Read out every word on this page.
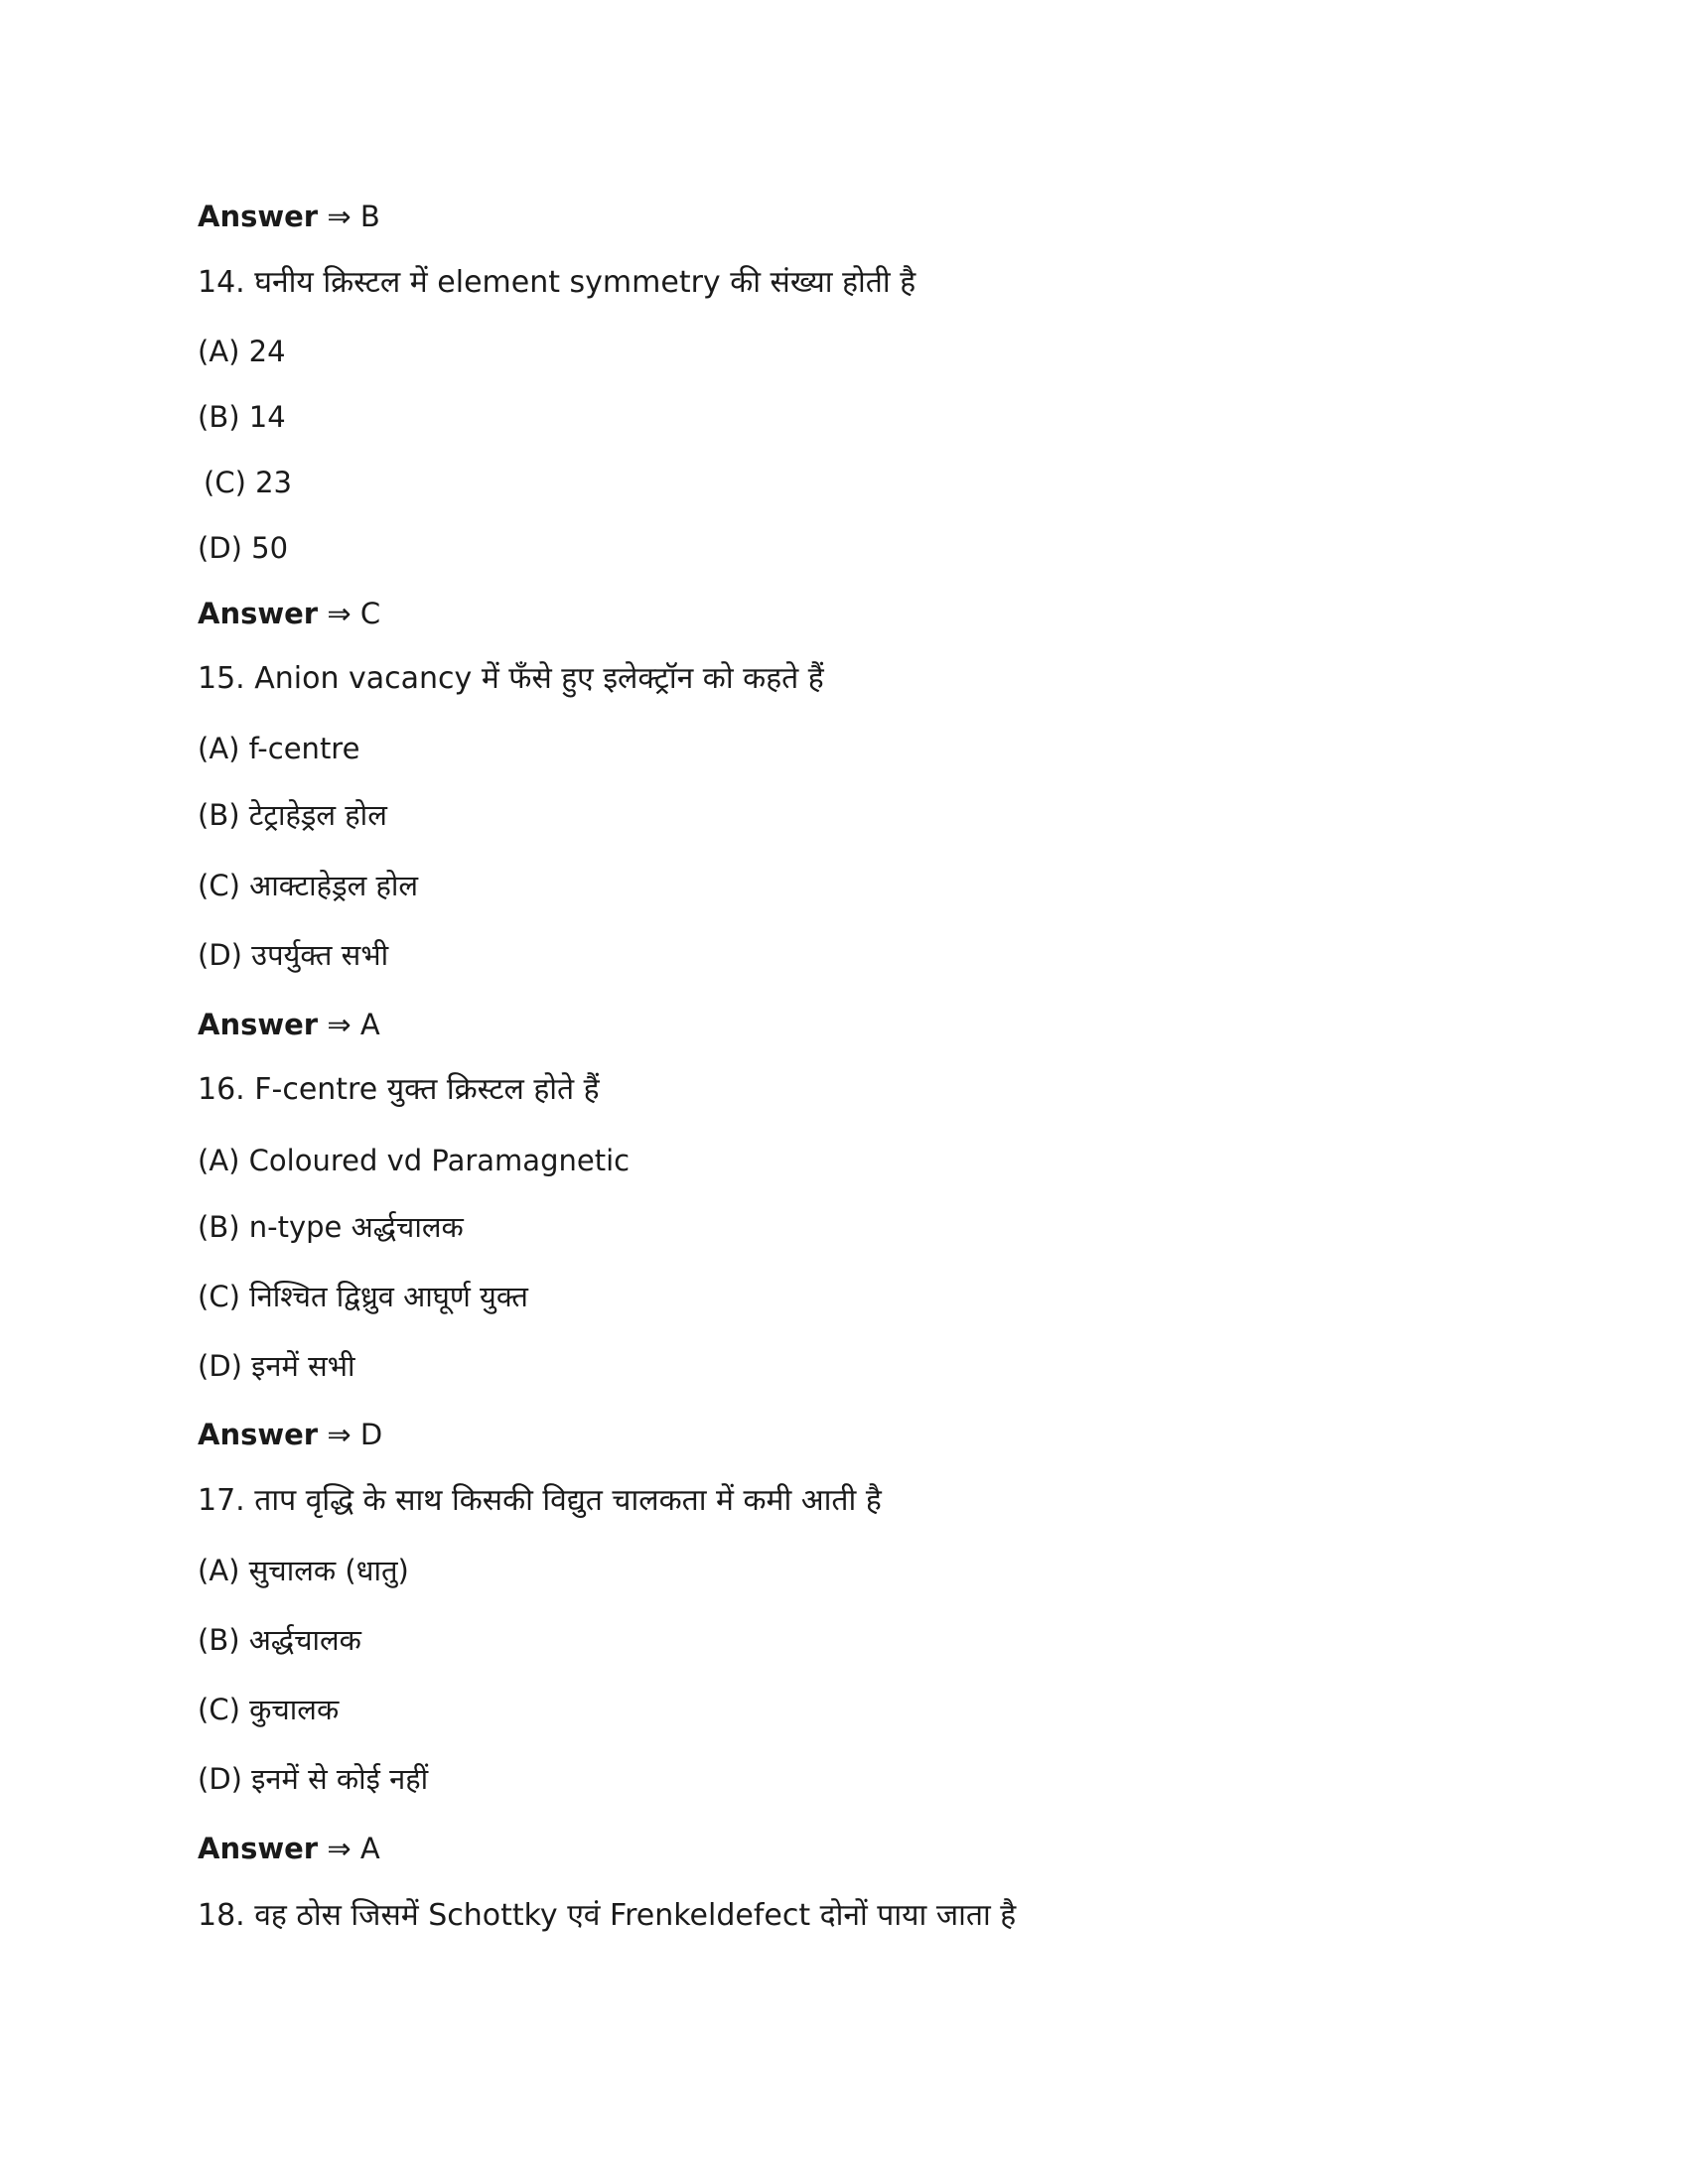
Answer ⇒ B
14. घनीय क्रिस्टल में element symmetry की संख्या होती है
(A) 24
(B) 14
(C) 23
(D) 50
Answer ⇒ C
15. Anion vacancy में फँसे हुए इलेक्ट्रॉन को कहते हैं
(A) f-centre
(B) टेट्राहेड्रल होल
(C) आक्टाहेड्रल होल
(D) उपर्युक्त सभी
Answer ⇒ A
16. F-centre युक्त क्रिस्टल होते हैं
(A) Coloured vd Paramagnetic
(B) n-type अर्द्धचालक
(C) निश्चित द्विध्रुव आघूर्ण युक्त
(D) इनमें सभी
Answer ⇒ D
17. ताप वृद्धि के साथ किसकी विद्युत चालकता में कमी आती है
(A) सुचालक (धातु)
(B) अर्द्धचालक
(C) कुचालक
(D) इनमें से कोई नहीं
Answer ⇒ A
18. वह ठोस जिसमें Schottky एवं Frenkeldefect दोनों पाया जाता है
